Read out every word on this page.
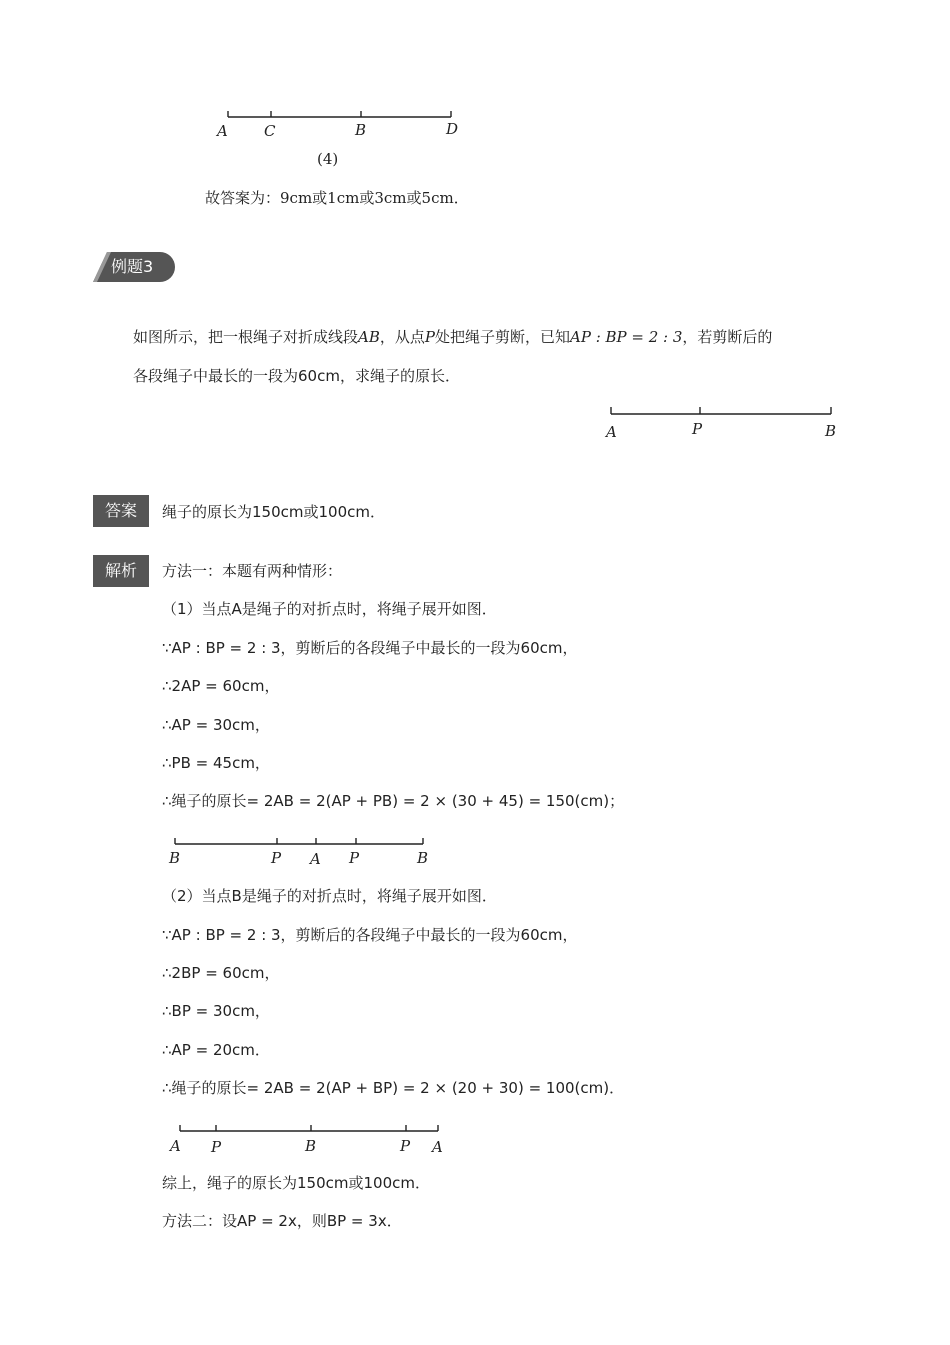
A C	B	D
(4)
故答案为：9cm或1cm或3cm或5cm．
例题3
如图所示，把一根绳子对折成线段AB，从点P处把绳子剪断，已知AP : BP = 2 : 3，若剪断后的
各段绳子中最长的一段为60cm，求绳子的原长．
A	P	B
答案	绳子的原长为150cm或100cm．
解析	方法一：本题有两种情形：
（1）当点A是绳子的对折点时，将绳子展开如图．
∵AP : BP = 2 : 3，剪断后的各段绳子中最长的一段为60cm，
∴2AP = 60cm，
∴AP = 30cm，
∴PB = 45cm，
∴绳子的原长= 2AB = 2(AP + PB) = 2 × (30 + 45) = 150(cm)；
B	P A P	B
（2）当点B是绳子的对折点时，将绳子展开如图．
∵AP : BP = 2 : 3，剪断后的各段绳子中最长的一段为60cm，
∴2BP = 60cm，
∴BP = 30cm，
∴AP = 20cm．
∴绳子的原长= 2AB = 2(AP + BP) = 2 × (20 + 30) = 100(cm)．
A P	B	P A
综上，绳子的原长为150cm或100cm．
方法二：设AP = 2x，则BP = 3x．
